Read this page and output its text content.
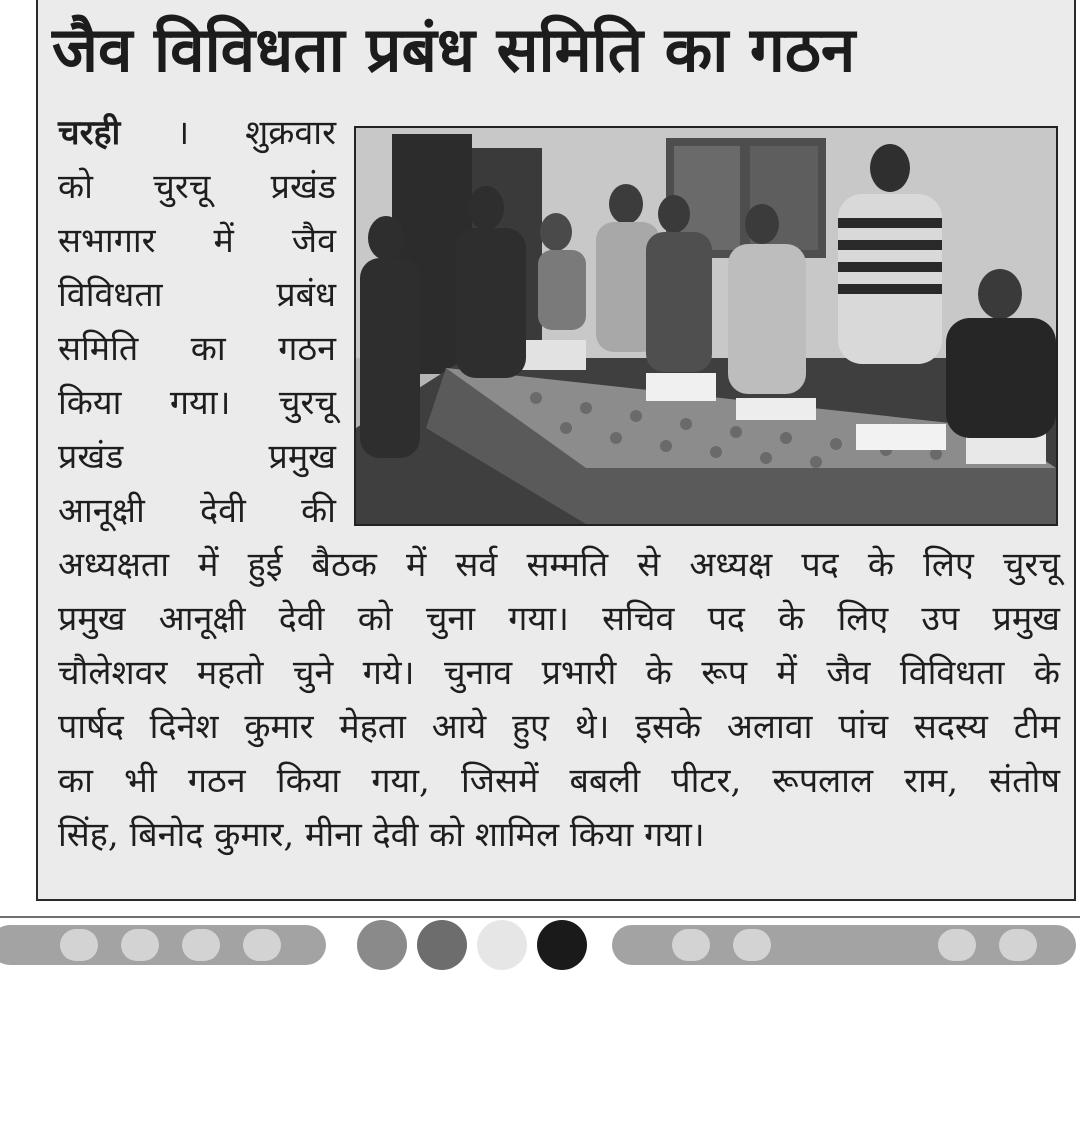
जैव विविधता प्रबंध समिति का गठन
चरही । शुक्रवार
को चुरचू प्रखंड
सभागार में जैव
विविधता प्रबंध
समिति का गठन
किया गया। चुरचू
प्रखंड प्रमुख
आनूक्षी देवी की
अध्यक्षता में हुई बैठक में सर्व सम्मति से अध्यक्ष पद के लिए चुरचू
प्रमुख आनूक्षी देवी को चुना गया। सचिव पद के लिए उप प्रमुख
चौलेशवर महतो चुने गये। चुनाव प्रभारी के रूप में जैव विविधता के
पार्षद दिनेश कुमार मेहता आये हुए थे। इसके अलावा पांच सदस्य टीम
का भी गठन किया गया, जिसमें बबली पीटर, रूपलाल राम, संतोष
सिंह, बिनोद कुमार, मीना देवी को शामिल किया गया।
